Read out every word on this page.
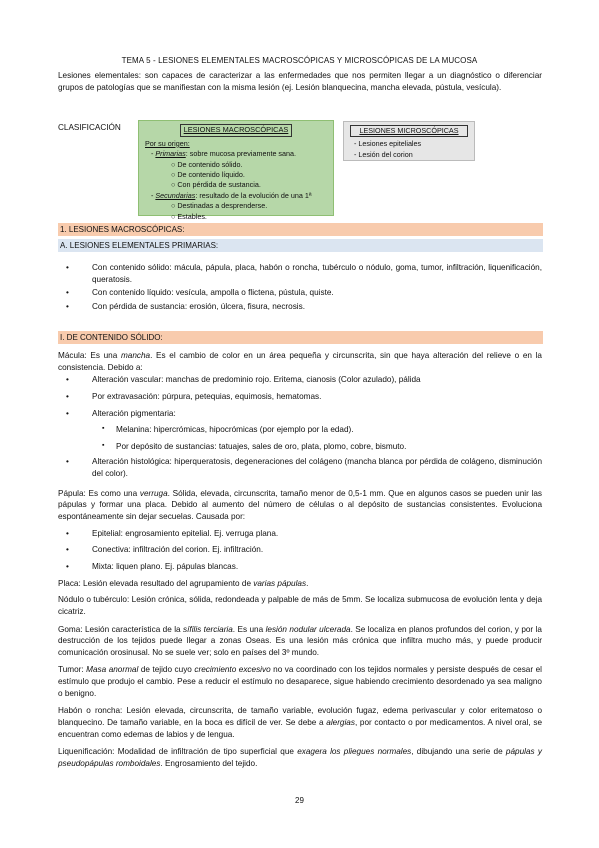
TEMA 5 - LESIONES ELEMENTALES MACROSCÓPICAS Y MICROSCÓPICAS DE LA MUCOSA

Lesiones elementales: son capaces de caracterizar a las enfermedades que nos permiten llegar a un diagnóstico o diferenciar grupos de patologías que se manifiestan con la misma lesión (ej. Lesión blanquecina, mancha elevada, pústula, vesícula).

CLASIFICACIÓN	LESIONES MACROSCÓPICAS
Por su origen:
- Primarias: sobre mucosa previamente sana.
○ De contenido sólido.
○ De contenido líquido.
○ Con pérdida de sustancia.
- Secundarias: resultado de la evolución de una 1ª
○ Destinadas a desprenderse.
○ Estables.
LESIONES MICROSCÓPICAS
- Lesiones epiteliales
- Lesión del corion
1. LESIONES MACROSCÓPICAS:
A. LESIONES ELEMENTALES PRIMARIAS:
• Con contenido sólido: mácula, pápula, placa, habón o roncha, tubérculo o nódulo, goma, tumor, infiltración, liquenificación, queratosis.
• Con contenido líquido: vesícula, ampolla o flictena, pústula, quiste.
• Con pérdida de sustancia: erosión, úlcera, fisura, necrosis.
I. DE CONTENIDO SÓLIDO:

Mácula: Es una mancha. Es el cambio de color en un área pequeña y circunscrita, sin que haya alteración del relieve o en la consistencia. Debido a:

• Alteración vascular: manchas de predominio rojo. Eritema, cianosis (Color azulado), pálida
• Por extravasación: púrpura, petequias, equimosis, hematomas.
• Alteración pigmentaria:
▪ Melanina: hipercrómicas, hipocrómicas (por ejemplo por la edad).
▪ Por depósito de sustancias: tatuajes, sales de oro, plata, plomo, cobre, bismuto.
• Alteración histológica: hiperqueratosis, degeneraciones del colágeno (mancha blanca por pérdida de colágeno, disminución del color).

Pápula: Es como una verruga. Sólida, elevada, circunscrita, tamaño menor de 0,5-1 mm. Que en algunos casos se pueden unir las pápulas y formar una placa. Debido al aumento del número de células o al depósito de sustancias consistentes. Evoluciona espontáneamente sin dejar secuelas. Causada por:

• Epitelial: engrosamiento epitelial. Ej. verruga plana.
• Conectiva: infiltración del corion. Ej. infiltración.
• Mixta: liquen plano. Ej. pápulas blancas.

Placa: Lesión elevada resultado del agrupamiento de varias pápulas.

Nódulo o tubérculo: Lesión crónica, sólida, redondeada y palpable de más de 5mm. Se localiza submucosa de evolución lenta y deja cicatriz.

Goma: Lesión característica de la sífilis terciaria. Es una lesión nodular ulcerada. Se localiza en planos profundos del corion, y por la destrucción de los tejidos puede llegar a zonas Oseas. Es una lesión más crónica que infiltra mucho más, y puede producir comunicación orosinusal. No se suele ver; solo en países del 3º mundo.

Tumor: Masa anormal de tejido cuyo crecimiento excesivo no va coordinado con los tejidos normales y persiste después de cesar el estímulo que produjo el cambio. Pese a reducir el estímulo no desaparece, sigue habiendo crecimiento desordenado ya sea maligno o benigno.

Habón o roncha: Lesión elevada, circunscrita, de tamaño variable, evolución fugaz, edema perivascular y color eritematoso o blanquecino. De tamaño variable, en la boca es difícil de ver. Se debe a alergias, por contacto o por medicamentos. A nivel oral, se encuentran como edemas de labios y de lengua.

Liquenificación: Modalidad de infiltración de tipo superficial que exagera los pliegues normales, dibujando una serie de pápulas y pseudopápulas romboidales. Engrosamiento del tejido.

29
